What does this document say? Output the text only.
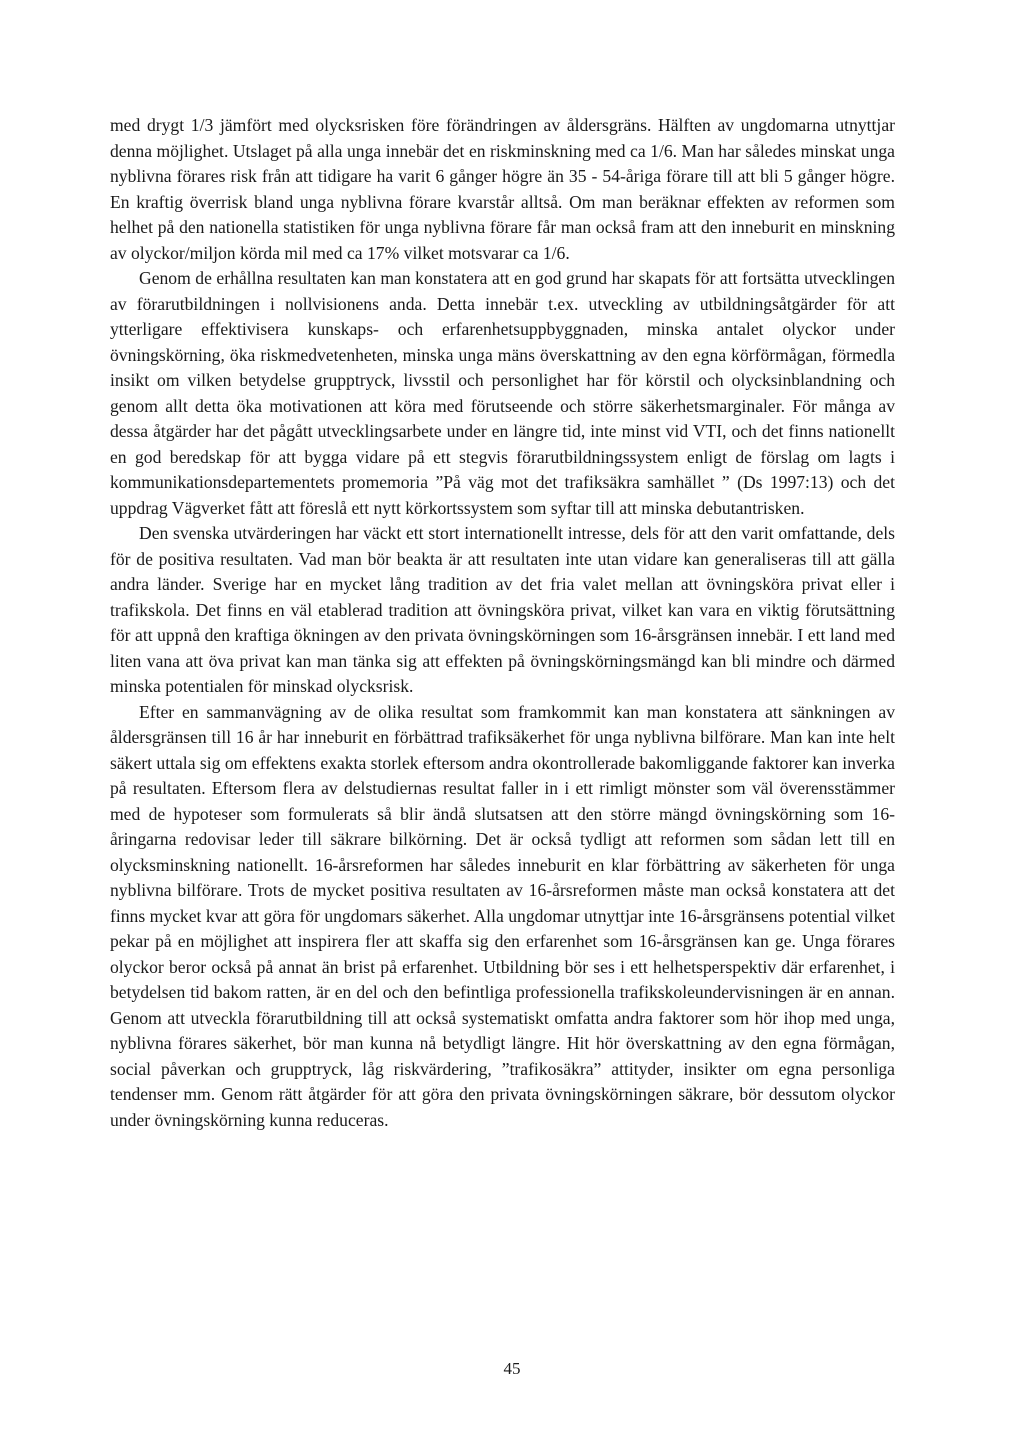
med drygt 1/3 jämfört med olycksrisken före förändringen av åldersgräns. Hälften av ungdomarna utnyttjar denna möjlighet. Utslaget på alla unga innebär det en riskminskning med ca 1/6. Man har således minskat unga nyblivna förares risk från att tidigare ha varit 6 gånger högre än 35 - 54-åriga förare till att bli 5 gånger högre. En kraftig överrisk bland unga nyblivna förare kvarstår alltså. Om man beräknar effekten av reformen som helhet på den nationella statistiken för unga nyblivna förare får man också fram att den inneburit en minskning av olyckor/miljon körda mil med ca 17% vilket motsvarar ca 1/6.

Genom de erhållna resultaten kan man konstatera att en god grund har skapats för att fortsätta utvecklingen av förarutbildningen i nollvisionens anda. Detta innebär t.ex. utveckling av utbildningsåtgärder för att ytterligare effektivisera kunskaps- och erfarenhetsuppbyggnaden, minska antalet olyckor under övningskörning, öka riskmedvetenheten, minska unga mäns överskattning av den egna körförmågan, förmedla insikt om vilken betydelse grupptryck, livsstil och personlighet har för körstil och olycksinblandning och genom allt detta öka motivationen att köra med förutseende och större säkerhetsmarginaler. För många av dessa åtgärder har det pågått utvecklingsarbete under en längre tid, inte minst vid VTI, och det finns nationellt en god beredskap för att bygga vidare på ett stegvis förarutbildningssystem enligt de förslag om lagts i kommunikationsdepartementets promemoria ”På väg mot det trafiksäkra samhället ” (Ds 1997:13) och det uppdrag Vägverket fått att föreslå ett nytt körkortssystem som syftar till att minska debutantrisken.

Den svenska utvärderingen har väckt ett stort internationellt intresse, dels för att den varit omfattande, dels för de positiva resultaten. Vad man bör beakta är att resultaten inte utan vidare kan generaliseras till att gälla andra länder. Sverige har en mycket lång tradition av det fria valet mellan att övningsköra privat eller i trafikskola. Det finns en väl etablerad tradition att övningsköra privat, vilket kan vara en viktig förutsättning för att uppnå den kraftiga ökningen av den privata övningskörningen som 16-årsgränsen innebär. I ett land med liten vana att öva privat kan man tänka sig att effekten på övningskörningsmängd kan bli mindre och därmed minska potentialen för minskad olycksrisk.

Efter en sammanvägning av de olika resultat som framkommit kan man konstatera att sänkningen av åldersgränsen till 16 år har inneburit en förbättrad trafiksäkerhet för unga nyblivna bilförare. Man kan inte helt säkert uttala sig om effektens exakta storlek eftersom andra okontrollerade bakomliggande faktorer kan inverka på resultaten. Eftersom flera av delstudiernas resultat faller in i ett rimligt mönster som väl överensstämmer med de hypoteser som formulerats så blir ändå slutsatsen att den större mängd övningskörning som 16-åringarna redovisar leder till säkrare bilkörning. Det är också tydligt att reformen som sådan lett till en olycksminskning nationellt. 16-årsreformen har således inneburit en klar förbättring av säkerheten för unga nyblivna bilförare. Trots de mycket positiva resultaten av 16-årsreformen måste man också konstatera att det finns mycket kvar att göra för ungdomars säkerhet. Alla ungdomar utnyttjar inte 16-årsgränsens potential vilket pekar på en möjlighet att inspirera fler att skaffa sig den erfarenhet som 16-årsgränsen kan ge. Unga förares olyckor beror också på annat än brist på erfarenhet. Utbildning bör ses i ett helhetsperspektiv där erfarenhet, i betydelsen tid bakom ratten, är en del och den befintliga professionella trafikskoleundervisningen är en annan. Genom att utveckla förarutbildning till att också systematiskt omfatta andra faktorer som hör ihop med unga, nyblivna förares säkerhet, bör man kunna nå betydligt längre. Hit hör överskattning av den egna förmågan, social påverkan och grupptryck, låg riskvärdering, ”trafikosäkra” attityder, insikter om egna personliga tendenser mm. Genom rätt åtgärder för att göra den privata övningskörningen säkrare, bör dessutom olyckor under övningskörning kunna reduceras.

45
